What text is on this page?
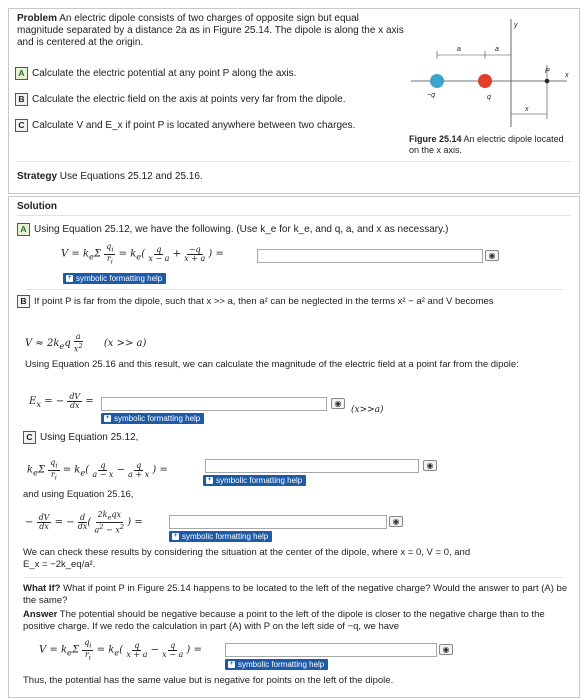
Problem An electric dipole consists of two charges of opposite sign but equal magnitude separated by a distance 2a as in Figure 25.14. The dipole is along the x axis and is centered at the origin.
A Calculate the electric potential at any point P along the axis.
B Calculate the electric field on the axis at points very far from the dipole.
C Calculate V and E_x if point P is located anywhere between two charges.
y
x
a	a
−q	q
P
x
Figure 25.14 An electric dipole located on the x axis.
Strategy Use Equations 25.12 and 25.16.
Solution
A Using Equation 25.12, we have the following. (Use k_e for k_e, and q, a, and x as necessary.)
$V = k_e\Sigma \frac{q_i}{r_i} = k_e( \frac{q}{x - a} + \frac{-q}{x + a}$ ) =	◉
+ symbolic formatting help
B If point P is far from the dipole, such that x >> a, then a² can be neglected in the terms x² − a² and V becomes
$V \approx 2k_eq \frac{a}{x^2} (x >> a)$
Using Equation 25.16 and this result, we can calculate the magnitude of the electric field at a point far from the dipole:
$E_x$ = − $\frac{dV}{dx}$ =	◉
(x>>a)
+ symbolic formatting help
C Using Equation 25.12,
$k_e\Sigma \frac{q_i}{r_i} = k_e( \frac{q}{a - x} - \frac{q}{a + x}$ ) =	◉
+ symbolic formatting help
and using Equation 25.16,
− $\frac{dV}{dx}$ = − $\frac{d}{dx}$ ( $\frac{2k_eqx}{a^2 - x^2}$ ) =	◉
+ symbolic formatting help
We can check these results by considering the situation at the center of the dipole, where x = 0, V = 0, and
E_x = −2k_eq/a².
What If? What if point P in Figure 25.14 happens to be located to the left of the negative charge? Would the answer to part (A) be the same?
Answer The potential should be negative because a point to the left of the dipole is closer to the negative charge than to the positive charge. If we redo the calculation in part (A) with P on the left side of −q, we have
$V = k_e\Sigma \frac{q_i}{r_i} = k_e( \frac{q}{x + a} - \frac{q}{x - a}$ ) =	◉
+ symbolic formatting help
Thus, the potential has the same value but is negative for points on the left of the dipole.
